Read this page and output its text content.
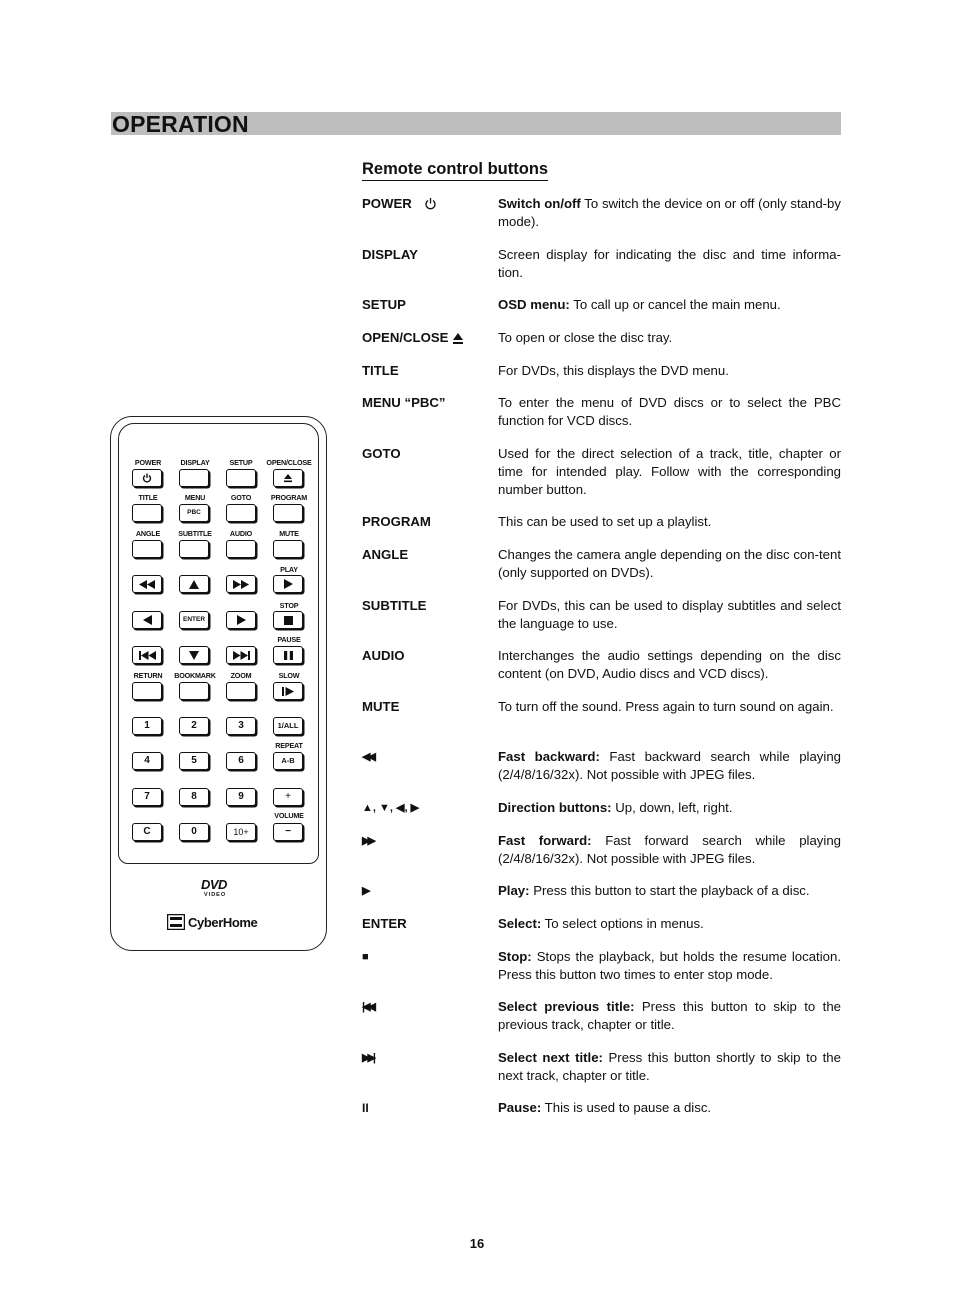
OPERATION
Remote control buttons
POWER	Switch on/off To switch the device on or off (only stand-by mode).
DISPLAY	Screen display for indicating the disc and time informa-tion.
SETUP	OSD menu: To call up or cancel the main menu.
OPEN/CLOSE	To open or close the disc tray.
TITLE	For DVDs, this displays the DVD menu.
MENU “PBC”	To enter the menu of DVD discs or to select the PBC function for VCD discs.
GOTO	Used for the direct selection of a track, title, chapter or time for intended play. Follow with the corresponding number button.
PROGRAM	This can be used to set up a playlist.
ANGLE	Changes the camera angle depending on the disc con-tent (only supported on DVDs).
SUBTITLE	For DVDs, this can be used to display subtitles and select the language to use.
AUDIO	Interchanges the audio settings depending on the disc content (on DVD, Audio discs and VCD discs).
MUTE	To turn off the sound. Press again to turn sound on again.
◀◀	Fast backward: Fast backward search while playing (2/4/8/16/32x). Not possible with JPEG files.
▲, ▼, ◀, ▶	Direction buttons: Up, down, left, right.
▶▶	Fast forward: Fast forward search while playing (2/4/8/16/32x). Not possible with JPEG files.
▶	Play: Press this button to start the playback of a disc.
ENTER	Select: To select options in menus.
■	Stop: Stops the playback, but holds the resume location. Press this button two times to enter stop mode.
|◀◀	Select previous title: Press this button to skip to the previous track, chapter or title.
▶▶|	Select next title: Press this button shortly to skip to the next track, chapter or title.
II	Pause: This is used to pause a disc.
POWER	DISPLAY	SETUP	OPEN/CLOSE
TITLE	MENU	GOTO	PROGRAM
PBC
ANGLE	SUBTITLE	AUDIO	MUTE
PLAY
STOP
ENTER
PAUSE
RETURN	BOOKMARK	ZOOM	SLOW
1	2	3	1/ALL
REPEAT
4	5	6	A-B
7	8	9	+
VOLUME
C	0	10+	−
DVD
VIDEO
CyberHome
16
